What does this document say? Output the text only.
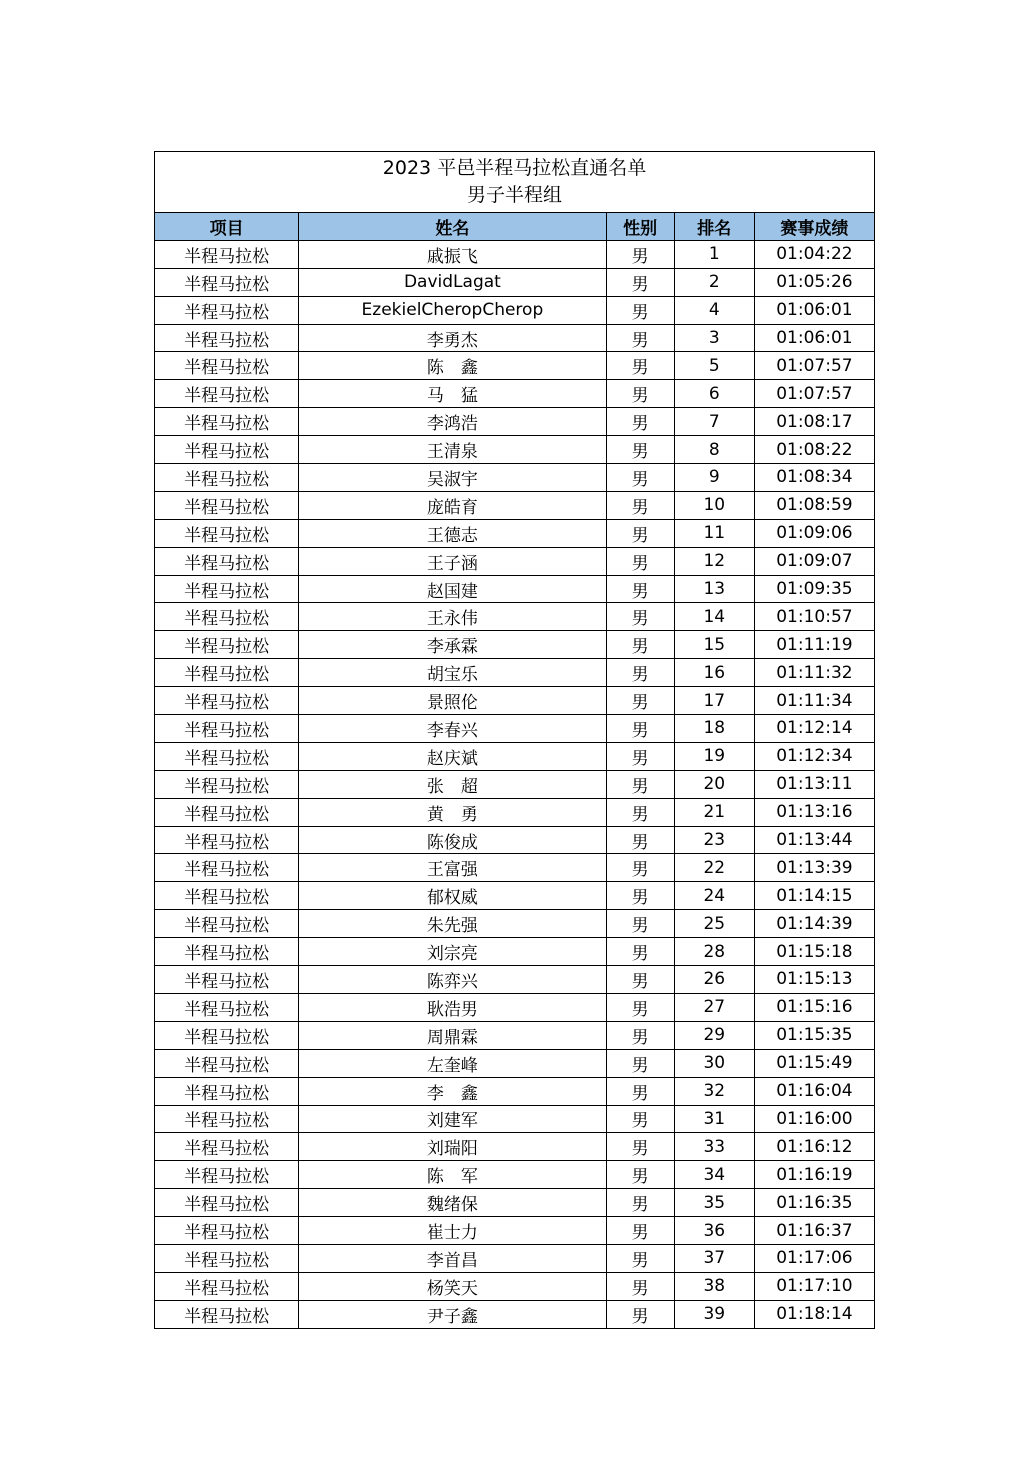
2023 平邑半程马拉松直通名单
男子半程组
项目	姓名	性别	排名	赛事成绩
半程马拉松	戚振飞	男	1	01:04:22
半程马拉松	DavidLagat	男	2	01:05:26
半程马拉松	EzekielCheropCherop	男	4	01:06:01
半程马拉松	李勇杰	男	3	01:06:01
半程马拉松	陈　鑫	男	5	01:07:57
半程马拉松	马　猛	男	6	01:07:57
半程马拉松	李鸿浩	男	7	01:08:17
半程马拉松	王清泉	男	8	01:08:22
半程马拉松	吴淑宇	男	9	01:08:34
半程马拉松	庞皓育	男	10	01:08:59
半程马拉松	王德志	男	11	01:09:06
半程马拉松	王子涵	男	12	01:09:07
半程马拉松	赵国建	男	13	01:09:35
半程马拉松	王永伟	男	14	01:10:57
半程马拉松	李承霖	男	15	01:11:19
半程马拉松	胡宝乐	男	16	01:11:32
半程马拉松	景照伦	男	17	01:11:34
半程马拉松	李春兴	男	18	01:12:14
半程马拉松	赵庆斌	男	19	01:12:34
半程马拉松	张　超	男	20	01:13:11
半程马拉松	黄　勇	男	21	01:13:16
半程马拉松	陈俊成	男	23	01:13:44
半程马拉松	王富强	男	22	01:13:39
半程马拉松	郁权威	男	24	01:14:15
半程马拉松	朱先强	男	25	01:14:39
半程马拉松	刘宗亮	男	28	01:15:18
半程马拉松	陈弈兴	男	26	01:15:13
半程马拉松	耿浩男	男	27	01:15:16
半程马拉松	周鼎霖	男	29	01:15:35
半程马拉松	左奎峰	男	30	01:15:49
半程马拉松	李　鑫	男	32	01:16:04
半程马拉松	刘建军	男	31	01:16:00
半程马拉松	刘瑞阳	男	33	01:16:12
半程马拉松	陈　军	男	34	01:16:19
半程马拉松	魏绪保	男	35	01:16:35
半程马拉松	崔士力	男	36	01:16:37
半程马拉松	李首昌	男	37	01:17:06
半程马拉松	杨笑天	男	38	01:17:10
半程马拉松	尹子鑫	男	39	01:18:14
